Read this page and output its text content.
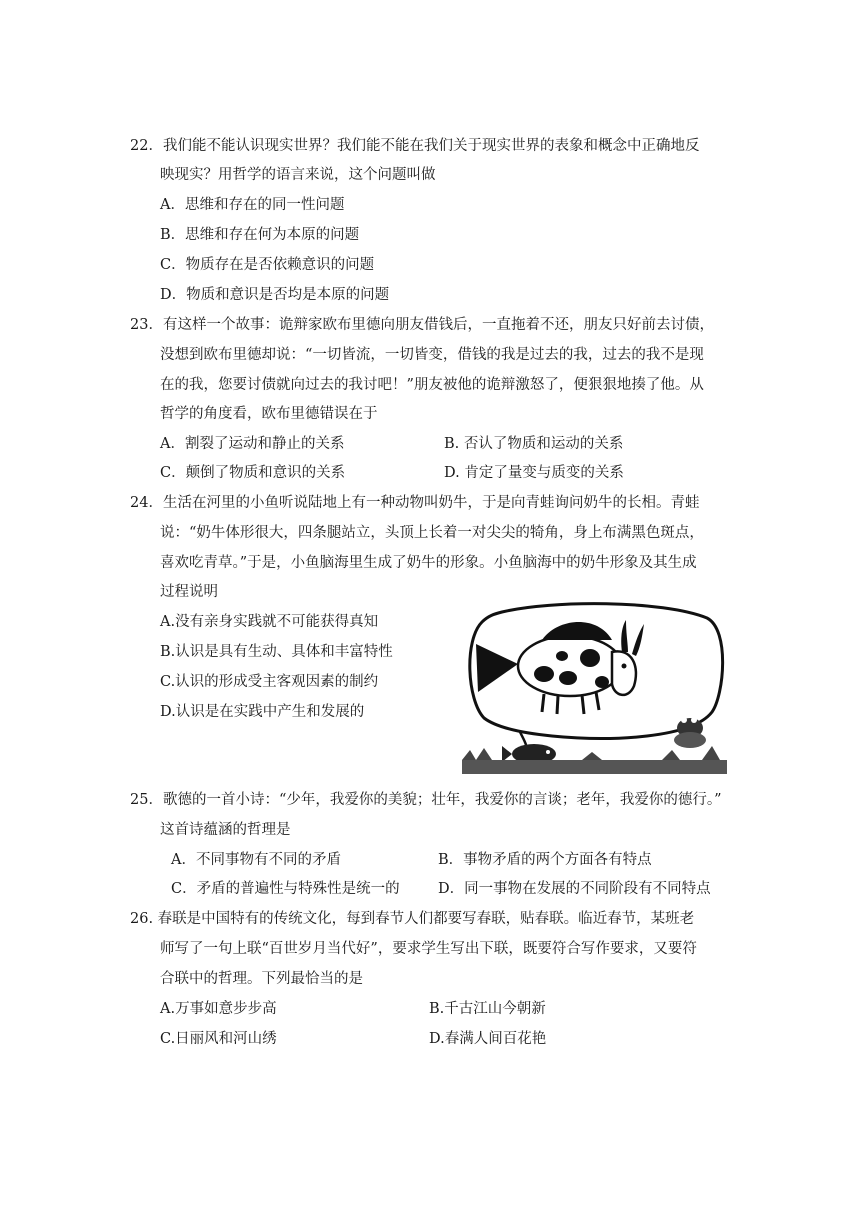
22．我们能不能认识现实世界？我们能不能在我们关于现实世界的表象和概念中正确地反
映现实？用哲学的语言来说，这个问题叫做
A．思维和存在的同一性问题
B．思维和存在何为本原的问题
C．物质存在是否依赖意识的问题
D．物质和意识是否均是本原的问题
23．有这样一个故事：诡辩家欧布里德向朋友借钱后，一直拖着不还，朋友只好前去讨债，
没想到欧布里德却说：“一切皆流，一切皆变，借钱的我是过去的我，过去的我不是现
在的我，您要讨债就向过去的我讨吧！”朋友被他的诡辩激怒了，便狠狠地揍了他。从
哲学的角度看，欧布里德错误在于
A．割裂了运动和静止的关系	B. 否认了物质和运动的关系
C．颠倒了物质和意识的关系	D. 肯定了量变与质变的关系
24．生活在河里的小鱼听说陆地上有一种动物叫奶牛，于是向青蛙询问奶牛的长相。青蛙
说：“奶牛体形很大，四条腿站立，头顶上长着一对尖尖的犄角，身上布满黑色斑点，
喜欢吃青草。”于是，小鱼脑海里生成了奶牛的形象。小鱼脑海中的奶牛形象及其生成
过程说明
A.没有亲身实践就不可能获得真知
B.认识是具有生动、具体和丰富特性
C.认识的形成受主客观因素的制约
D.认识是在实践中产生和发展的
25．歌德的一首小诗：“少年，我爱你的美貌；壮年，我爱你的言谈；老年，我爱你的德行。”
这首诗蕴涵的哲理是
A．不同事物有不同的矛盾	B．事物矛盾的两个方面各有特点
C．矛盾的普遍性与特殊性是统一的	D．同一事物在发展的不同阶段有不同特点
26. 春联是中国特有的传统文化，每到春节人们都要写春联，贴春联。临近春节，某班老
师写了一句上联“百世岁月当代好”，要求学生写出下联，既要符合写作要求，又要符
合联中的哲理。下列最恰当的是
A.万事如意步步高	B.千古江山今朝新
C.日丽风和河山绣	D.春满人间百花艳
